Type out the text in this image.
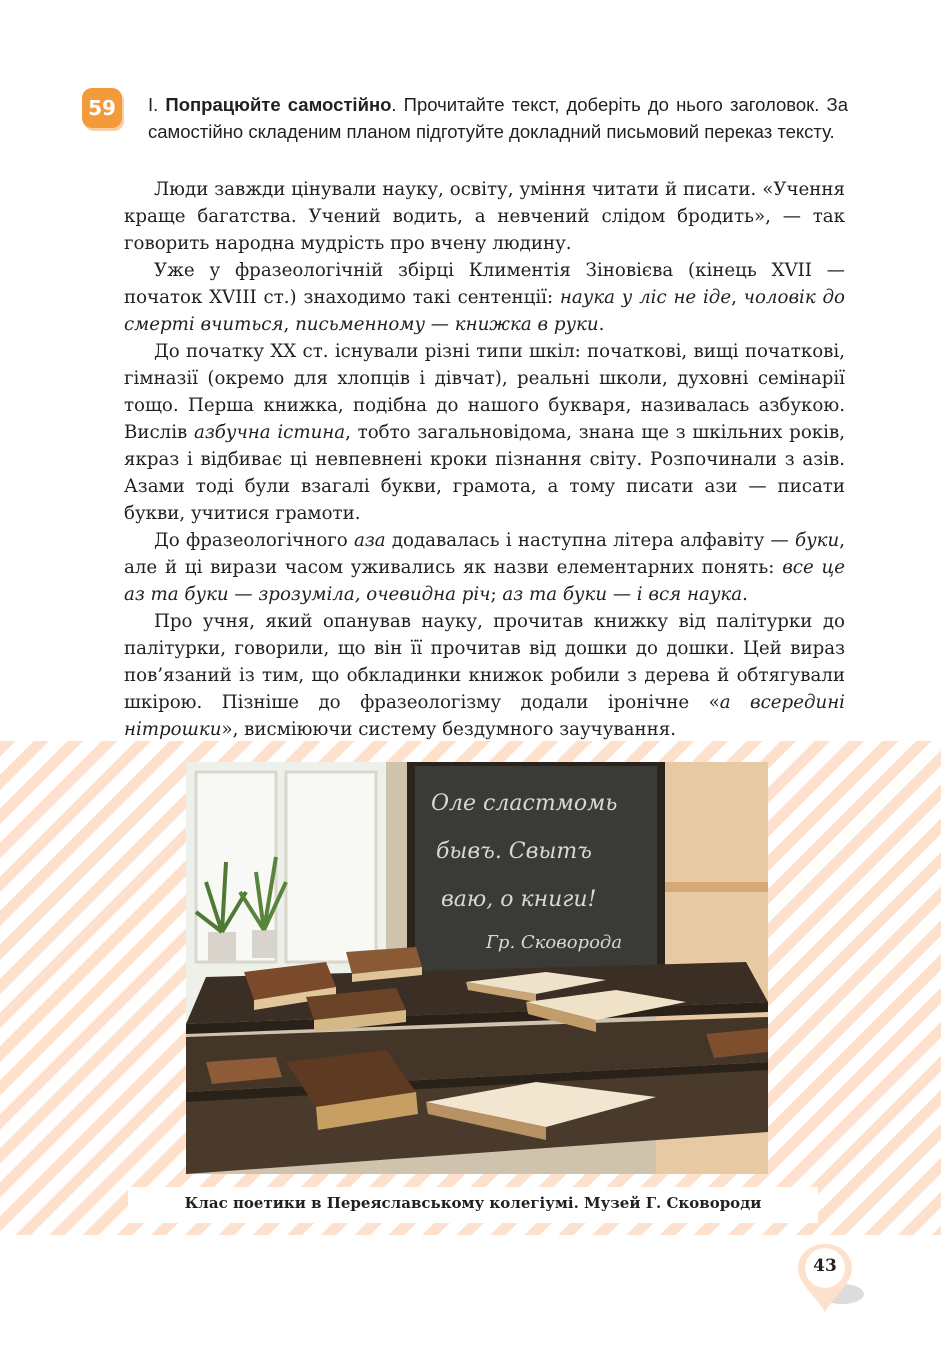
59	I. Попрацюйте самостійно. Прочитайте текст, доберіть до нього заголовок. За самостійно складеним планом підготуйте докладний письмовий переказ тексту.

Люди завжди цінували науку, освіту, уміння читати й писати. «Учення краще багатства. Учений водить, а невчений слідом бродить», — так говорить народна мудрість про вчену людину.

Уже у фразеологічній збірці Климентія Зіновієва (кінець XVII — початок XVIII ст.) знаходимо такі сентенції: наука у ліс не іде, чоловік до смерті вчиться, письменному — книжка в руки.

До початку XX ст. існували різні типи шкіл: початкові, вищі початкові, гімназії (окремо для хлопців і дівчат), реальні школи, духовні семінарії тощо. Перша книжка, подібна до нашого букваря, називалась азбукою. Вислів азбучна істина, тобто загальновідома, знана ще з шкільних років, якраз і відбиває ці невпевнені кроки пізнання світу. Розпочинали з азів. Азами тоді були взагалі букви, грамота, а тому писати ази — писати букви, учитися грамоти.

До фразеологічного аза додавалась і наступна літера алфавіту — буки, але й ці вирази часом уживались як назви елементарних понять: все це аз та буки — зрозуміла, очевидна річ; аз та буки — і вся наука.

Про учня, який опанував науку, прочитав книжку від палітурки до палітурки, говорили, що він її прочитав від дошки до дошки. Цей вираз пов’язаний із тим, що обкладинки книжок робили з дерева й обтягували шкірою. Пізніше до фразеологізму додали іронічне «а всередині нітрошки», висміюючи систему бездумного заучування.

Оле сластмомь
бывъ. Свытъ
ваю, о книги!
Гр. Сковорода
Клас поетики в Переяславському колегіумі. Музей Г. Сковороди
43
